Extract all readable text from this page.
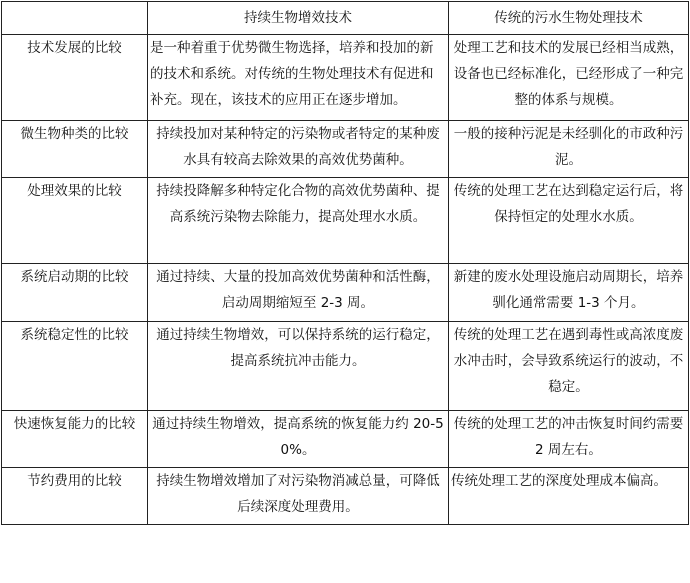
	持续生物增效技术	传统的污水生物处理技术
技术发展的比较	是一种着重于优势微生物选择，培养和投加的新的技术和系统。对传统的生物处理技术有促进和补充。现在，该技术的应用正在逐步增加。	处理工艺和技术的发展已经相当成熟，设备也已经标准化，已经形成了一种完整的体系与规模。

微生物种类的比较	持续投加对某种特定的污染物或者特定的某种废水具有较高去除效果的高效优势菌种。	一般的接种污泥是未经驯化的市政种污泥。

处理效果的比较	持续投降解多种特定化合物的高效优势菌种、提高系统污染物去除能力，提高处理水水质。	传统的处理工艺在达到稳定运行后，将保持恒定的处理水水质。

系统启动期的比较	通过持续、大量的投加高效优势菌种和活性酶，启动周期缩短至 2-3 周。	新建的废水处理设施启动周期长，培养驯化通常需要 1-3 个月。

系统稳定性的比较	通过持续生物增效，可以保持系统的运行稳定，提高系统抗冲击能力。	传统的处理工艺在遇到毒性或高浓度废水冲击时，会导致系统运行的波动，不稳定。

快速恢复能力的比较	通过持续生物增效，提高系统的恢复能力约 20-50%。	传统的处理工艺的冲击恢复时间约需要 2 周左右。

节约费用的比较	持续生物增效增加了对污染物消减总量，可降低后续深度处理费用。	传统处理工艺的深度处理成本偏高。
